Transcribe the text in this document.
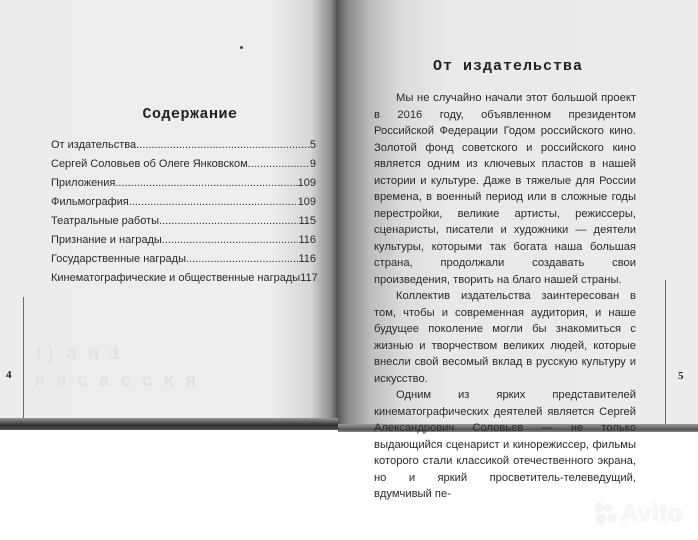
() a я 1
я я с а с с к я
Содержание
От издательства .....	5
Сергей Соловьев об Олеге Янковском .....	9
Приложения .....	109
Фильмография .....	109
Театральные работы .....	115
Признание и награды .....	116
Государственные награды .....	116
Кинематографические и общественные награды 117
4
От издательства

Мы не случайно начали этот большой проект в 2016 году, объявленном президентом Российской Федерации Годом российского кино. Золотой фонд советского и российского кино является одним из ключевых пластов в нашей истории и культуре. Даже в тяжелые для России времена, в военный период или в сложные годы перестройки, великие артисты, режиссеры, сценаристы, писатели и художники — деятели культуры, которыми так богата наша большая страна, продолжали создавать свои произведения, творить на благо нашей страны.

Коллектив издательства заинтересован в том, чтобы и современная аудитория, и наше будущее поколение могли бы знакомиться с жизнью и творчеством великих людей, которые внесли свой весомый вклад в русскую культуру и искусство.

Одним из ярких представителей кинематографических деятелей является Сергей Александрович Соловьев — не только выдающийся сценарист и кинорежиссер, фильмы которого стали классикой отечественного экрана, но и яркий просветитель-телеведущий, вдумчивый пе-

5
Avito
